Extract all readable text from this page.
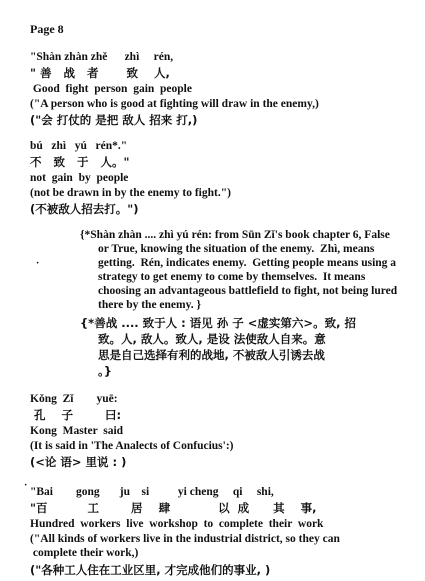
Page 8
"Shàn zhàn zhě      zhì     rén,
" 善   战   者       致    人,
Good  fight  person  gain  people
("A person who is good at fighting will draw in the enemy,)
("会 打仗的 是把 敌人 招来 打,)
bú   zhì   yú   rén*."
不   致   于   人。"
not  gain  by  people
(not be drawn in by the enemy to fight.")
(不被敌人招去打。")
{*Shàn zhàn .... zhì yú rén: from Sūn Zǐ's book chapter 6, False
or True, knowing the situation of the enemy.  Zhì, means
getting.  Rén, indicates enemy.  Getting people means using a
strategy to get enemy to come by themselves.  It means
choosing an advantageous battlefield to fight, not being lured
there by the enemy. }
{*善战 .... 致于人 : 语见 孙 子 <虚实第六>。致, 招
致。人, 敌人。致人, 是设 法使敌人自来。意
思是自己选择有利的战地, 不被敌人引诱去战
。}
Kǒng  Zǐ        yuē:
孔    子        曰:
Kong  Master  said
(It is said in 'The Analects of Confucius':)
(<论 语> 里说 : )
"Bai        gong       ju    si          yi cheng     qi     shi,
"百          工        居    肆            以  成      其    事,
Hundred  workers  live  workshop  to  complete  their  work
("All kinds of workers live in the industrial district, so they can
complete their work,)
("各种工人住在工业区里, 才完成他们的事业, )
·
·
